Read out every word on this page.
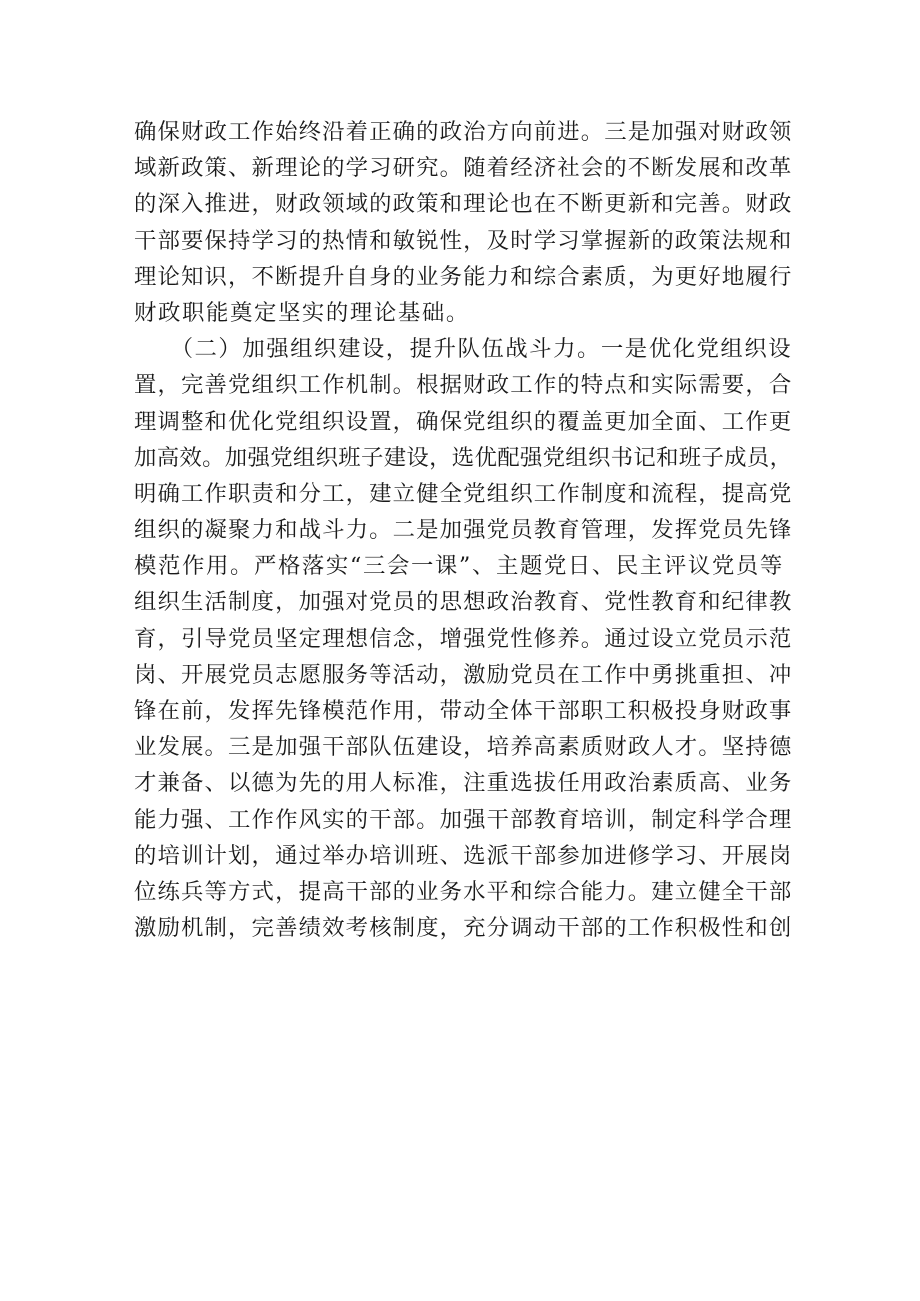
确保财政工作始终沿着正确的政治方向前进。三是加强对财政领
域新政策、新理论的学习研究。随着经济社会的不断发展和改革
的深入推进，财政领域的政策和理论也在不断更新和完善。财政
干部要保持学习的热情和敏锐性，及时学习掌握新的政策法规和
理论知识，不断提升自身的业务能力和综合素质，为更好地履行
财政职能奠定坚实的理论基础。
　　（二）加强组织建设，提升队伍战斗力。一是优化党组织设
置，完善党组织工作机制。根据财政工作的特点和实际需要，合
理调整和优化党组织设置，确保党组织的覆盖更加全面、工作更
加高效。加强党组织班子建设，选优配强党组织书记和班子成员，
明确工作职责和分工，建立健全党组织工作制度和流程，提高党
组织的凝聚力和战斗力。二是加强党员教育管理，发挥党员先锋
模范作用。严格落实“三会一课”、主题党日、民主评议党员等
组织生活制度，加强对党员的思想政治教育、党性教育和纪律教
育，引导党员坚定理想信念，增强党性修养。通过设立党员示范
岗、开展党员志愿服务等活动，激励党员在工作中勇挑重担、冲
锋在前，发挥先锋模范作用，带动全体干部职工积极投身财政事
业发展。三是加强干部队伍建设，培养高素质财政人才。坚持德
才兼备、以德为先的用人标准，注重选拔任用政治素质高、业务
能力强、工作作风实的干部。加强干部教育培训，制定科学合理
的培训计划，通过举办培训班、选派干部参加进修学习、开展岗
位练兵等方式，提高干部的业务水平和综合能力。建立健全干部
激励机制，完善绩效考核制度，充分调动干部的工作积极性和创
